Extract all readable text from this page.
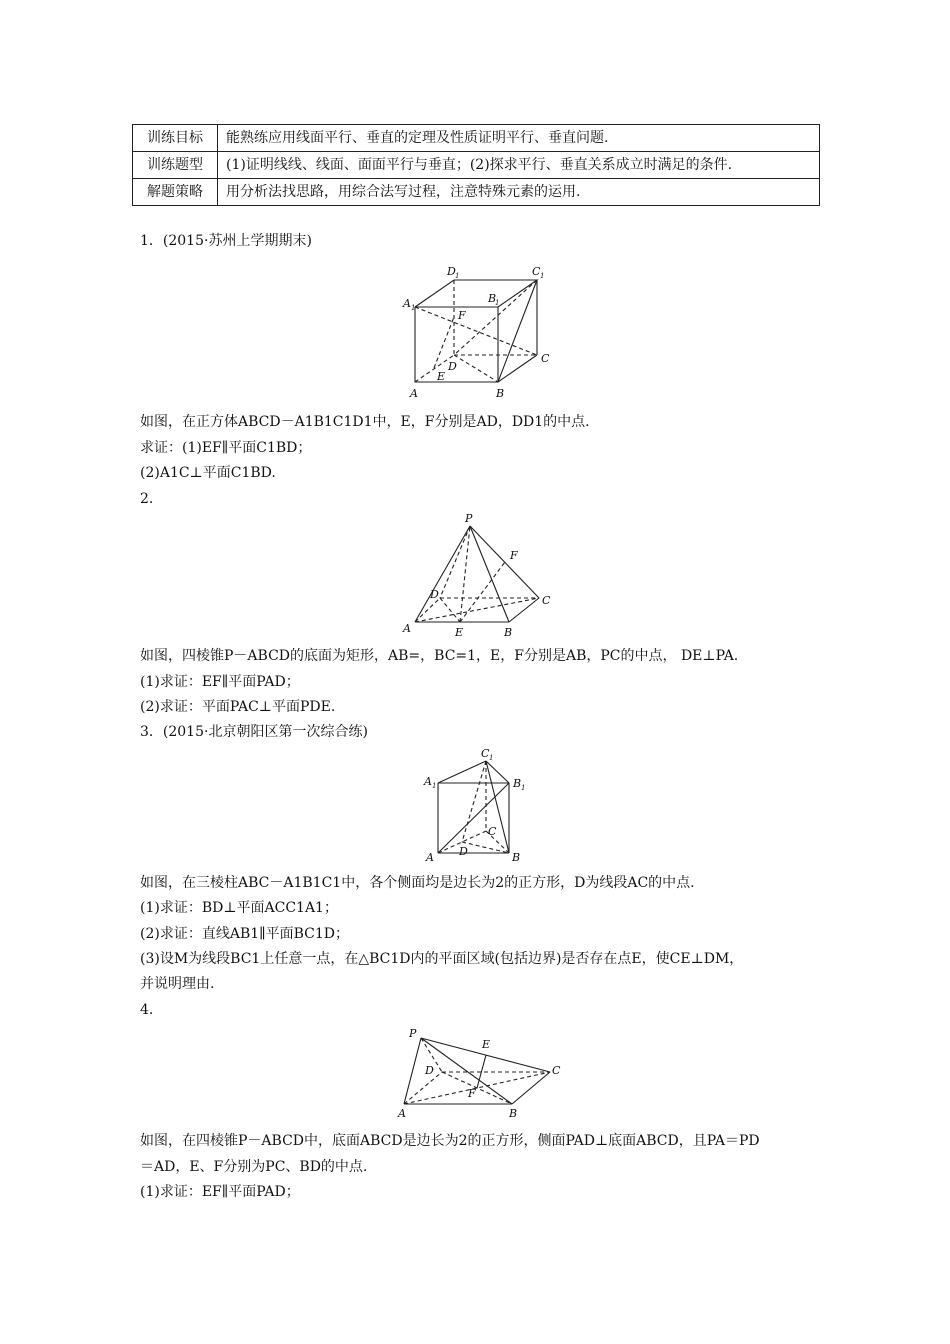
训练目标	能熟练应用线面平行、垂直的定理及性质证明平行、垂直问题.
训练题型	(1)证明线线、线面、面面平行与垂直；(2)探求平行、垂直关系成立时满足的条件.
解题策略	用分析法找思路，用综合法写过程，注意特殊元素的运用.
1．(2015·苏州上学期期末)
A 1
D 1	C 1
B
1
F
D
C
E
A	B
如图，在正方体ABCD－A1B1C1D1中，E，F分别是AD，DD1的中点.
求证：(1)EF∥平面C1BD；
(2)A1C⊥平面C1BD.
2.
P
F
D	C
A	E	B
如图，四棱锥P－ABCD的底面为矩形，AB=，BC=1，E，F分别是AB，PC的中点， DE⊥PA.
(1)求证：EF∥平面PAD；
(2)求证：平面PAC⊥平面PDE.
3．(2015·北京朝阳区第一次综合练)
C 1
A 1	B 1
C
D
A	B
如图，在三棱柱ABC－A1B1C1中，各个侧面均是边长为2的正方形，D为线段AC的中点.
(1)求证：BD⊥平面ACC1A1；
(2)求证：直线AB1∥平面BC1D；
(3)设M为线段BC1上任意一点，在△BC1D内的平面区域(包括边界)是否存在点E，使CE⊥DM，
并说明理由.
4.
P
E
D	C
F
A	B
如图，在四棱锥P－ABCD中，底面ABCD是边长为2的正方形，侧面PAD⊥底面ABCD，且PA＝PD
＝AD，E、F分别为PC、BD的中点.
(1)求证：EF∥平面PAD；
